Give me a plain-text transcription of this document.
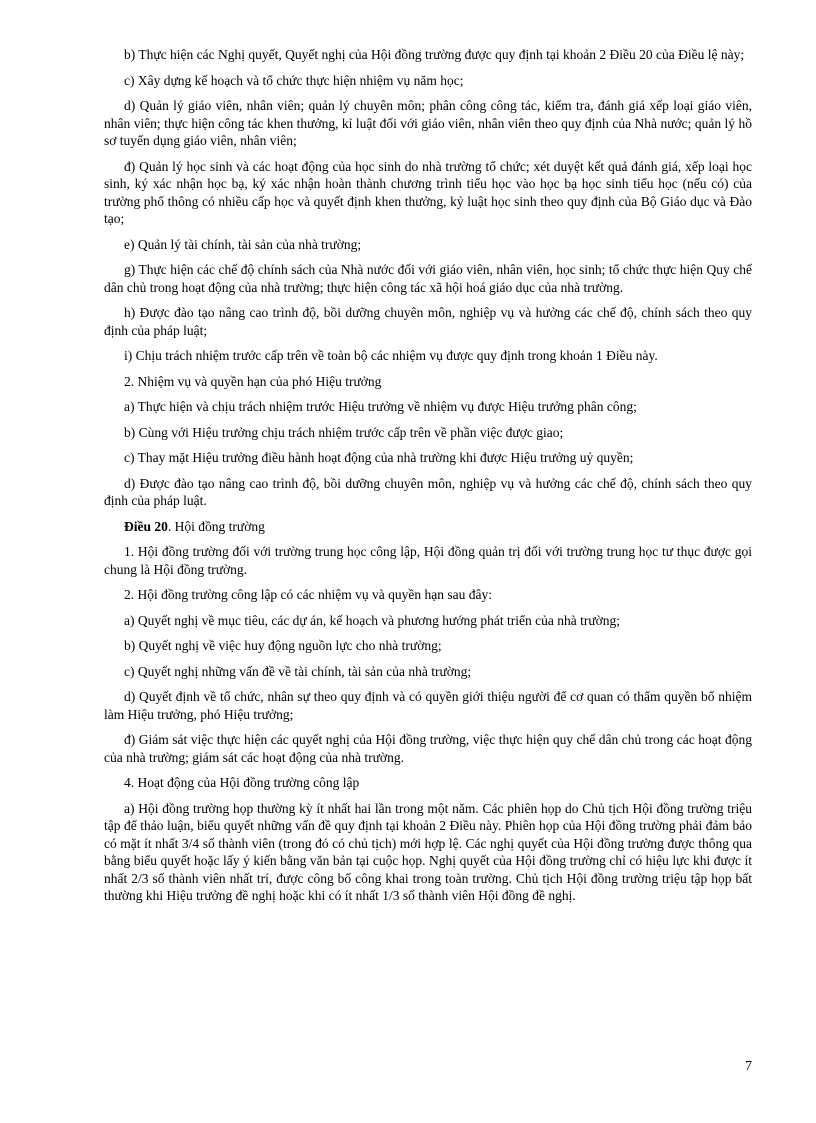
b) Thực hiện các Nghị quyết, Quyết nghị của Hội đồng trường được quy định tại khoản 2 Điều 20 của Điều lệ này;

c) Xây dựng kế hoạch và tổ chức thực hiện nhiệm vụ năm học;

d) Quản lý giáo viên, nhân viên; quản lý chuyên môn; phân công công tác, kiểm tra, đánh giá xếp loại giáo viên, nhân viên; thực hiện công tác khen thưởng, kỉ luật đối với giáo viên, nhân viên theo quy định của Nhà nước; quản lý hồ sơ tuyển dụng giáo viên, nhân viên;

đ) Quản lý học sinh và các hoạt động của học sinh do nhà trường tổ chức; xét duyệt kết quả đánh giá, xếp loại học sinh, ký xác nhận học bạ, ký xác nhận hoàn thành chương trình tiểu học vào học bạ học sinh tiểu học (nếu có) của trường phổ thông có nhiều cấp học và quyết định khen thưởng, kỷ luật học sinh theo quy định của Bộ Giáo dục và Đào tạo;

e) Quản lý tài chính, tài sản của nhà trường;

g) Thực hiện các chế độ chính sách của Nhà nước đối với giáo viên, nhân viên, học sinh; tổ chức thực hiện Quy chế dân chủ trong hoạt động của nhà trường; thực hiện công tác xã hội hoá giáo dục của nhà trường.

h) Được đào tạo nâng cao trình độ, bồi dưỡng chuyên môn, nghiệp vụ và hưởng các chế độ, chính sách theo quy định của pháp luật;

i) Chịu trách nhiệm trước cấp trên về toàn bộ các nhiệm vụ được quy định trong khoản 1 Điều này.

2. Nhiệm vụ và quyền hạn của phó Hiệu trưởng

a) Thực hiện và chịu trách nhiệm trước Hiệu trưởng về nhiệm vụ được Hiệu trưởng phân công;

b) Cùng với Hiệu trưởng chịu trách nhiệm trước cấp trên về phần việc được giao;

c) Thay mặt Hiệu trưởng điều hành hoạt động của nhà trường khi được Hiệu trưởng uỷ quyền;

d) Được đào tạo nâng cao trình độ, bồi dưỡng chuyên môn, nghiệp vụ và hưởng các chế độ, chính sách theo quy định của pháp luật.

Điều 20. Hội đồng trường

1. Hội đồng trường đối với trường trung học công lập, Hội đồng quản trị đối với trường trung học tư thục được gọi chung là Hội đồng trường.

2. Hội đồng trường công lập có các nhiệm vụ và quyền hạn sau đây:

a) Quyết nghị về mục tiêu, các dự án, kế hoạch và phương hướng phát triển của nhà trường;

b) Quyết nghị về việc huy động nguồn lực cho nhà trường;

c) Quyết nghị những vấn đề về tài chính, tài sản của nhà trường;

d) Quyết định về tổ chức, nhân sự theo quy định và có quyền giới thiệu người để cơ quan có thẩm quyền bổ nhiệm làm Hiệu trưởng, phó Hiệu trưởng;

đ) Giám sát việc thực hiện các quyết nghị của Hội đồng trường, việc thực hiện quy chế dân chủ trong các hoạt động của nhà trường; giám sát các hoạt động của nhà trường.

4. Hoạt động của Hội đồng trường công lập

a) Hội đồng trường họp thường kỳ ít nhất hai lần trong một năm. Các phiên họp do Chủ tịch Hội đồng trường triệu tập để thảo luận, biểu quyết những vấn đề quy định tại khoản 2 Điều này. Phiên họp của Hội đồng trường phải đảm bảo có mặt ít nhất 3/4 số thành viên (trong đó có chủ tịch) mới hợp lệ. Các nghị quyết của Hội đồng trường được thông qua bằng biểu quyết hoặc lấy ý kiến bằng văn bản tại cuộc họp. Nghị quyết của Hội đồng trường chỉ có hiệu lực khi được ít nhất 2/3 số thành viên nhất trí, được công bố công khai trong toàn trường. Chủ tịch Hội đồng trường triệu tập họp bất thường khi Hiệu trưởng đề nghị hoặc khi có ít nhất 1/3 số thành viên Hội đồng đề nghị.

7
